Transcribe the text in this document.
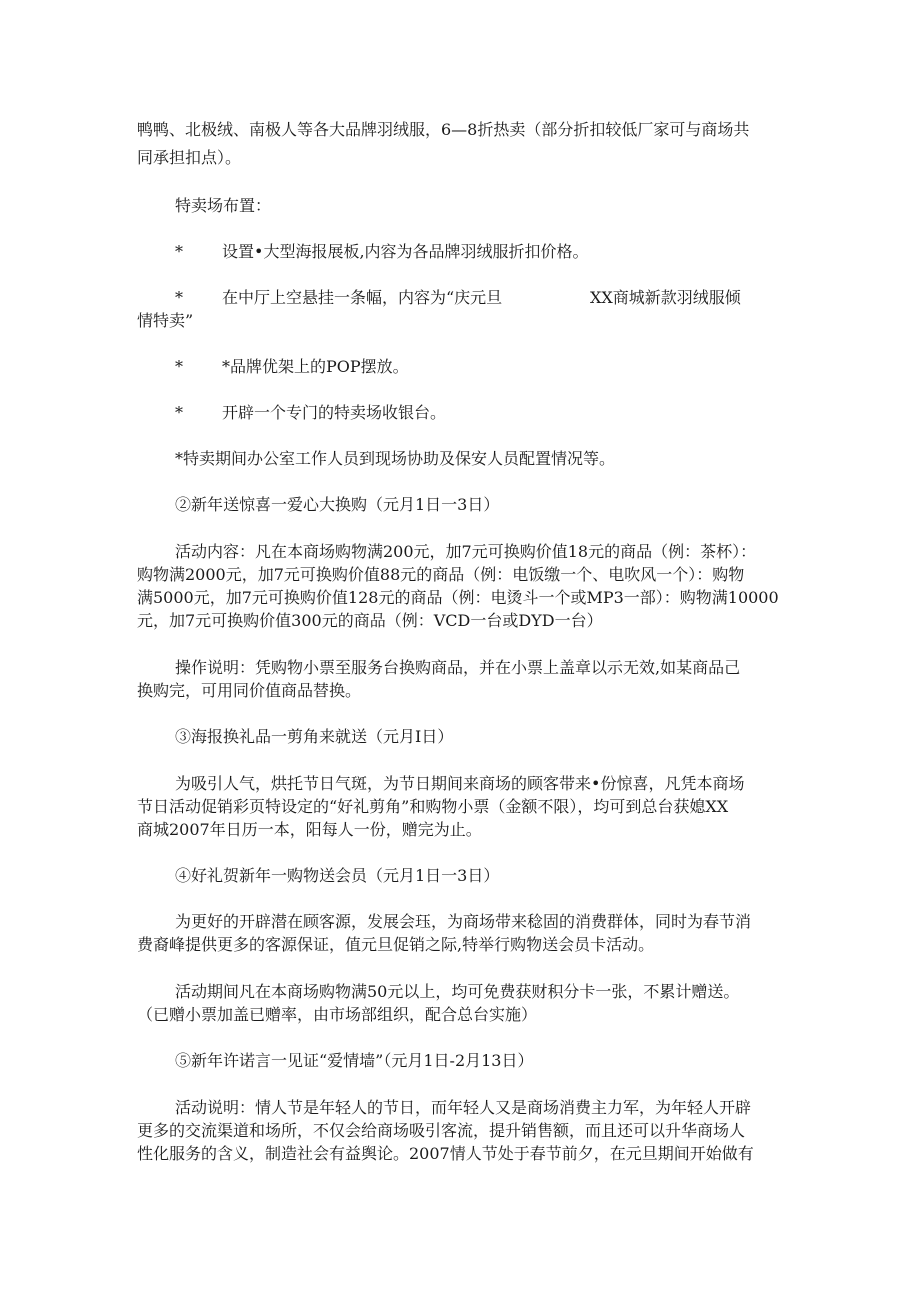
鸭鸭、北极绒、南极人等各大品牌羽绒服，6—8折热卖（部分折扣较低厂家可与商场共
同承担扣点）。
特卖场布置：
* 设置•大型海报展板,内容为各品牌羽绒服折扣价格。
* 在中厅上空悬挂一条幅，内容为“庆元旦	XX商城新款羽绒服倾
情特卖”
* *品牌优架上的POP摆放。
* 开辟一个专门的特卖场收银台。
*特卖期间办公室工作人员到现场协助及保安人员配置情况等。
②新年送惊喜一爱心大换购（元月1日一3日）
活动内容：凡在本商场购物满200元，加7元可换购价值18元的商品（例：茶杯）：
购物满2000元，加7元可换购价值88元的商品（例：电饭缴一个、电吹风一个）：购物
满5000元，加7元可换购价值128元的商品（例：电烫斗一个或MP3一部）：购物满10000
元，加7元可换购价值300元的商品（例：VCD一台或DYD一台）
操作说明：凭购物小票至服务台换购商品，并在小票上盖章以示无效,如某商品己
换购完，可用同价值商品替换。
③海报换礼品一剪角来就送（元月I日）
为吸引人气，烘托节日气斑，为节日期间来商场的顾客带来•份惊喜，凡凭本商场
节日活动促销彩页特设定的“好礼剪角”和购物小票（金额不限），均可到总台获媳XX
商城2007年日历一本，阳每人一份，赠完为止。
④好礼贺新年一购物送会员（元月1日一3日）
为更好的开辟潜在顾客源，发展会珏，为商场带来稔固的消费群体，同时为春节消
费裔峰提供更多的客源保证，值元旦促销之际,特举行购物送会员卡活动。
活动期间凡在本商场购物满50元以上，均可免费获财积分卡一张，不累计赠送。
（已赠小票加盖已赠率，由市场部组织，配合总台实施）
⑤新年许诺言一见证“爱情墙”（元月1日-2月13日）
活动说明：情人节是年轻人的节日，而年轻人又是商场消费主力军，为年轻人开辟
更多的交流渠道和场所，不仅会给商场吸引客流，提升销售额，而且还可以升华商场人
性化服务的含义，制造社会有益舆论。2007情人节处于春节前夕，在元旦期间开始做有
